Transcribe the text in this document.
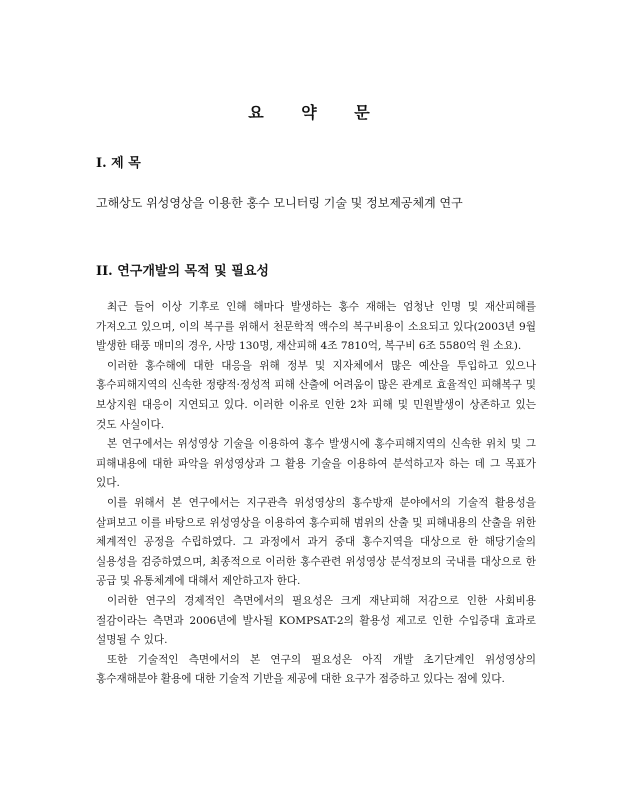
요 약 문
I. 제 목
고해상도 위성영상을 이용한 홍수 모니터링 기술 및 정보제공체계 연구
II. 연구개발의 목적 및 필요성

최근 들어 이상 기후로 인해 해마다 발생하는 홍수 재해는 엄청난 인명 및 재산피해를 가져오고 있으며, 이의 복구를 위해서 천문학적 액수의 복구비용이 소요되고 있다(2003년 9월 발생한 태풍 매미의 경우, 사망 130명, 재산피해 4조 7810억, 복구비 6조 5580억 원 소요).

이러한 홍수해에 대한 대응을 위해 정부 및 지자체에서 많은 예산을 투입하고 있으나 홍수피해지역의 신속한 정량적·정성적 피해 산출에 어려움이 많은 관계로 효율적인 피해복구 및 보상지원 대응이 지연되고 있다. 이러한 이유로 인한 2차 피해 및 민원발생이 상존하고 있는 것도 사실이다.

본 연구에서는 위성영상 기술을 이용하여 홍수 발생시에 홍수피해지역의 신속한 위치 및 그 피해내용에 대한 파악을 위성영상과 그 활용 기술을 이용하여 분석하고자 하는 데 그 목표가 있다.

이를 위해서 본 연구에서는 지구관측 위성영상의 홍수방재 분야에서의 기술적 활용성을 살펴보고 이를 바탕으로 위성영상을 이용하여 홍수피해 범위의 산출 및 피해내용의 산출을 위한 체계적인 공정을 수립하였다. 그 과정에서 과거 중대 홍수지역을 대상으로 한 해당기술의 실용성을 검증하였으며, 최종적으로 이러한 홍수관련 위성영상 분석정보의 국내를 대상으로 한 공급 및 유통체계에 대해서 제안하고자 한다.

이러한 연구의 경제적인 측면에서의 필요성은 크게 재난피해 저감으로 인한 사회비용 절감이라는 측면과 2006년에 발사될 KOMPSAT-2의 활용성 제고로 인한 수입증대 효과로 설명될 수 있다.

또한 기술적인 측면에서의 본 연구의 필요성은 아직 개발 초기단계인 위성영상의 홍수재해분야 활용에 대한 기술적 기반을 제공에 대한 요구가 점증하고 있다는 점에 있다.
